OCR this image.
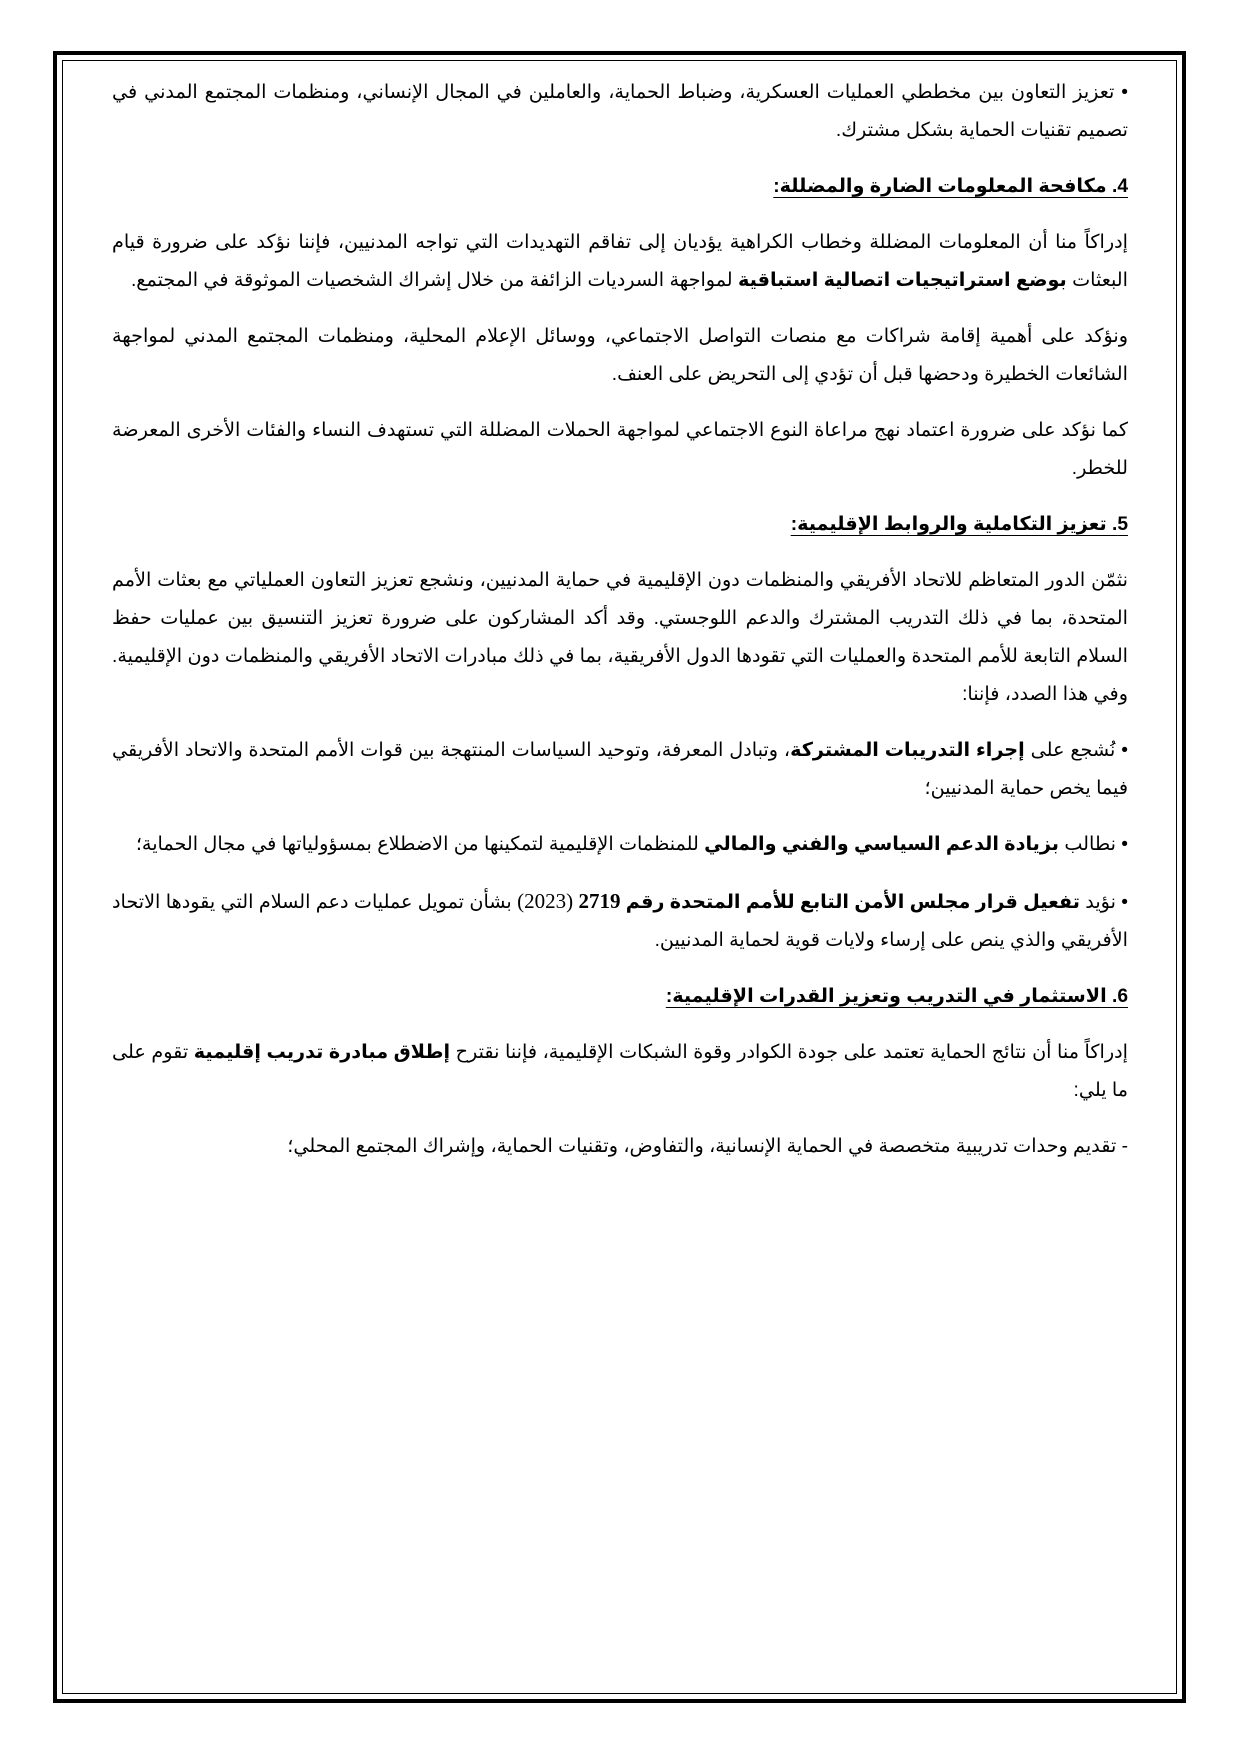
• تعزيز التعاون بين مخططي العمليات العسكرية، وضباط الحماية، والعاملين في المجال الإنساني، ومنظمات المجتمع المدني في تصميم تقنيات الحماية بشكل مشترك.

4. مكافحة المعلومات الضارة والمضللة:

إدراكاً منا أن المعلومات المضللة وخطاب الكراهية يؤديان إلى تفاقم التهديدات التي تواجه المدنيين، فإننا نؤكد على ضرورة قيام البعثات بوضع استراتيجيات اتصالية استباقية لمواجهة السرديات الزائفة من خلال إشراك الشخصيات الموثوقة في المجتمع.

ونؤكد على أهمية إقامة شراكات مع منصات التواصل الاجتماعي، ووسائل الإعلام المحلية، ومنظمات المجتمع المدني لمواجهة الشائعات الخطيرة ودحضها قبل أن تؤدي إلى التحريض على العنف.

كما نؤكد على ضرورة اعتماد نهج مراعاة النوع الاجتماعي لمواجهة الحملات المضللة التي تستهدف النساء والفئات الأخرى المعرضة للخطر.

5. تعزيز التكاملية والروابط الإقليمية:

نثمّن الدور المتعاظم للاتحاد الأفريقي والمنظمات دون الإقليمية في حماية المدنيين، ونشجع تعزيز التعاون العملياتي مع بعثات الأمم المتحدة، بما في ذلك التدريب المشترك والدعم اللوجستي. وقد أكد المشاركون على ضرورة تعزيز التنسيق بين عمليات حفظ السلام التابعة للأمم المتحدة والعمليات التي تقودها الدول الأفريقية، بما في ذلك مبادرات الاتحاد الأفريقي والمنظمات دون الإقليمية. وفي هذا الصدد، فإننا:

• نُشجع على إجراء التدريبات المشتركة، وتبادل المعرفة، وتوحيد السياسات المنتهجة بين قوات الأمم المتحدة والاتحاد الأفريقي فيما يخص حماية المدنيين؛

• نطالب بزيادة الدعم السياسي والفني والمالي للمنظمات الإقليمية لتمكينها من الاضطلاع بمسؤولياتها في مجال الحماية؛

• نؤيد تفعيل قرار مجلس الأمن التابع للأمم المتحدة رقم 2719 (2023) بشأن تمويل عمليات دعم السلام التي يقودها الاتحاد الأفريقي والذي ينص على إرساء ولايات قوية لحماية المدنيين.

6. الاستثمار في التدريب وتعزيز القدرات الإقليمية:

إدراكاً منا أن نتائج الحماية تعتمد على جودة الكوادر وقوة الشبكات الإقليمية، فإننا نقترح إطلاق مبادرة تدريب إقليمية تقوم على ما يلي:

- تقديم وحدات تدريبية متخصصة في الحماية الإنسانية، والتفاوض، وتقنيات الحماية، وإشراك المجتمع المحلي؛
